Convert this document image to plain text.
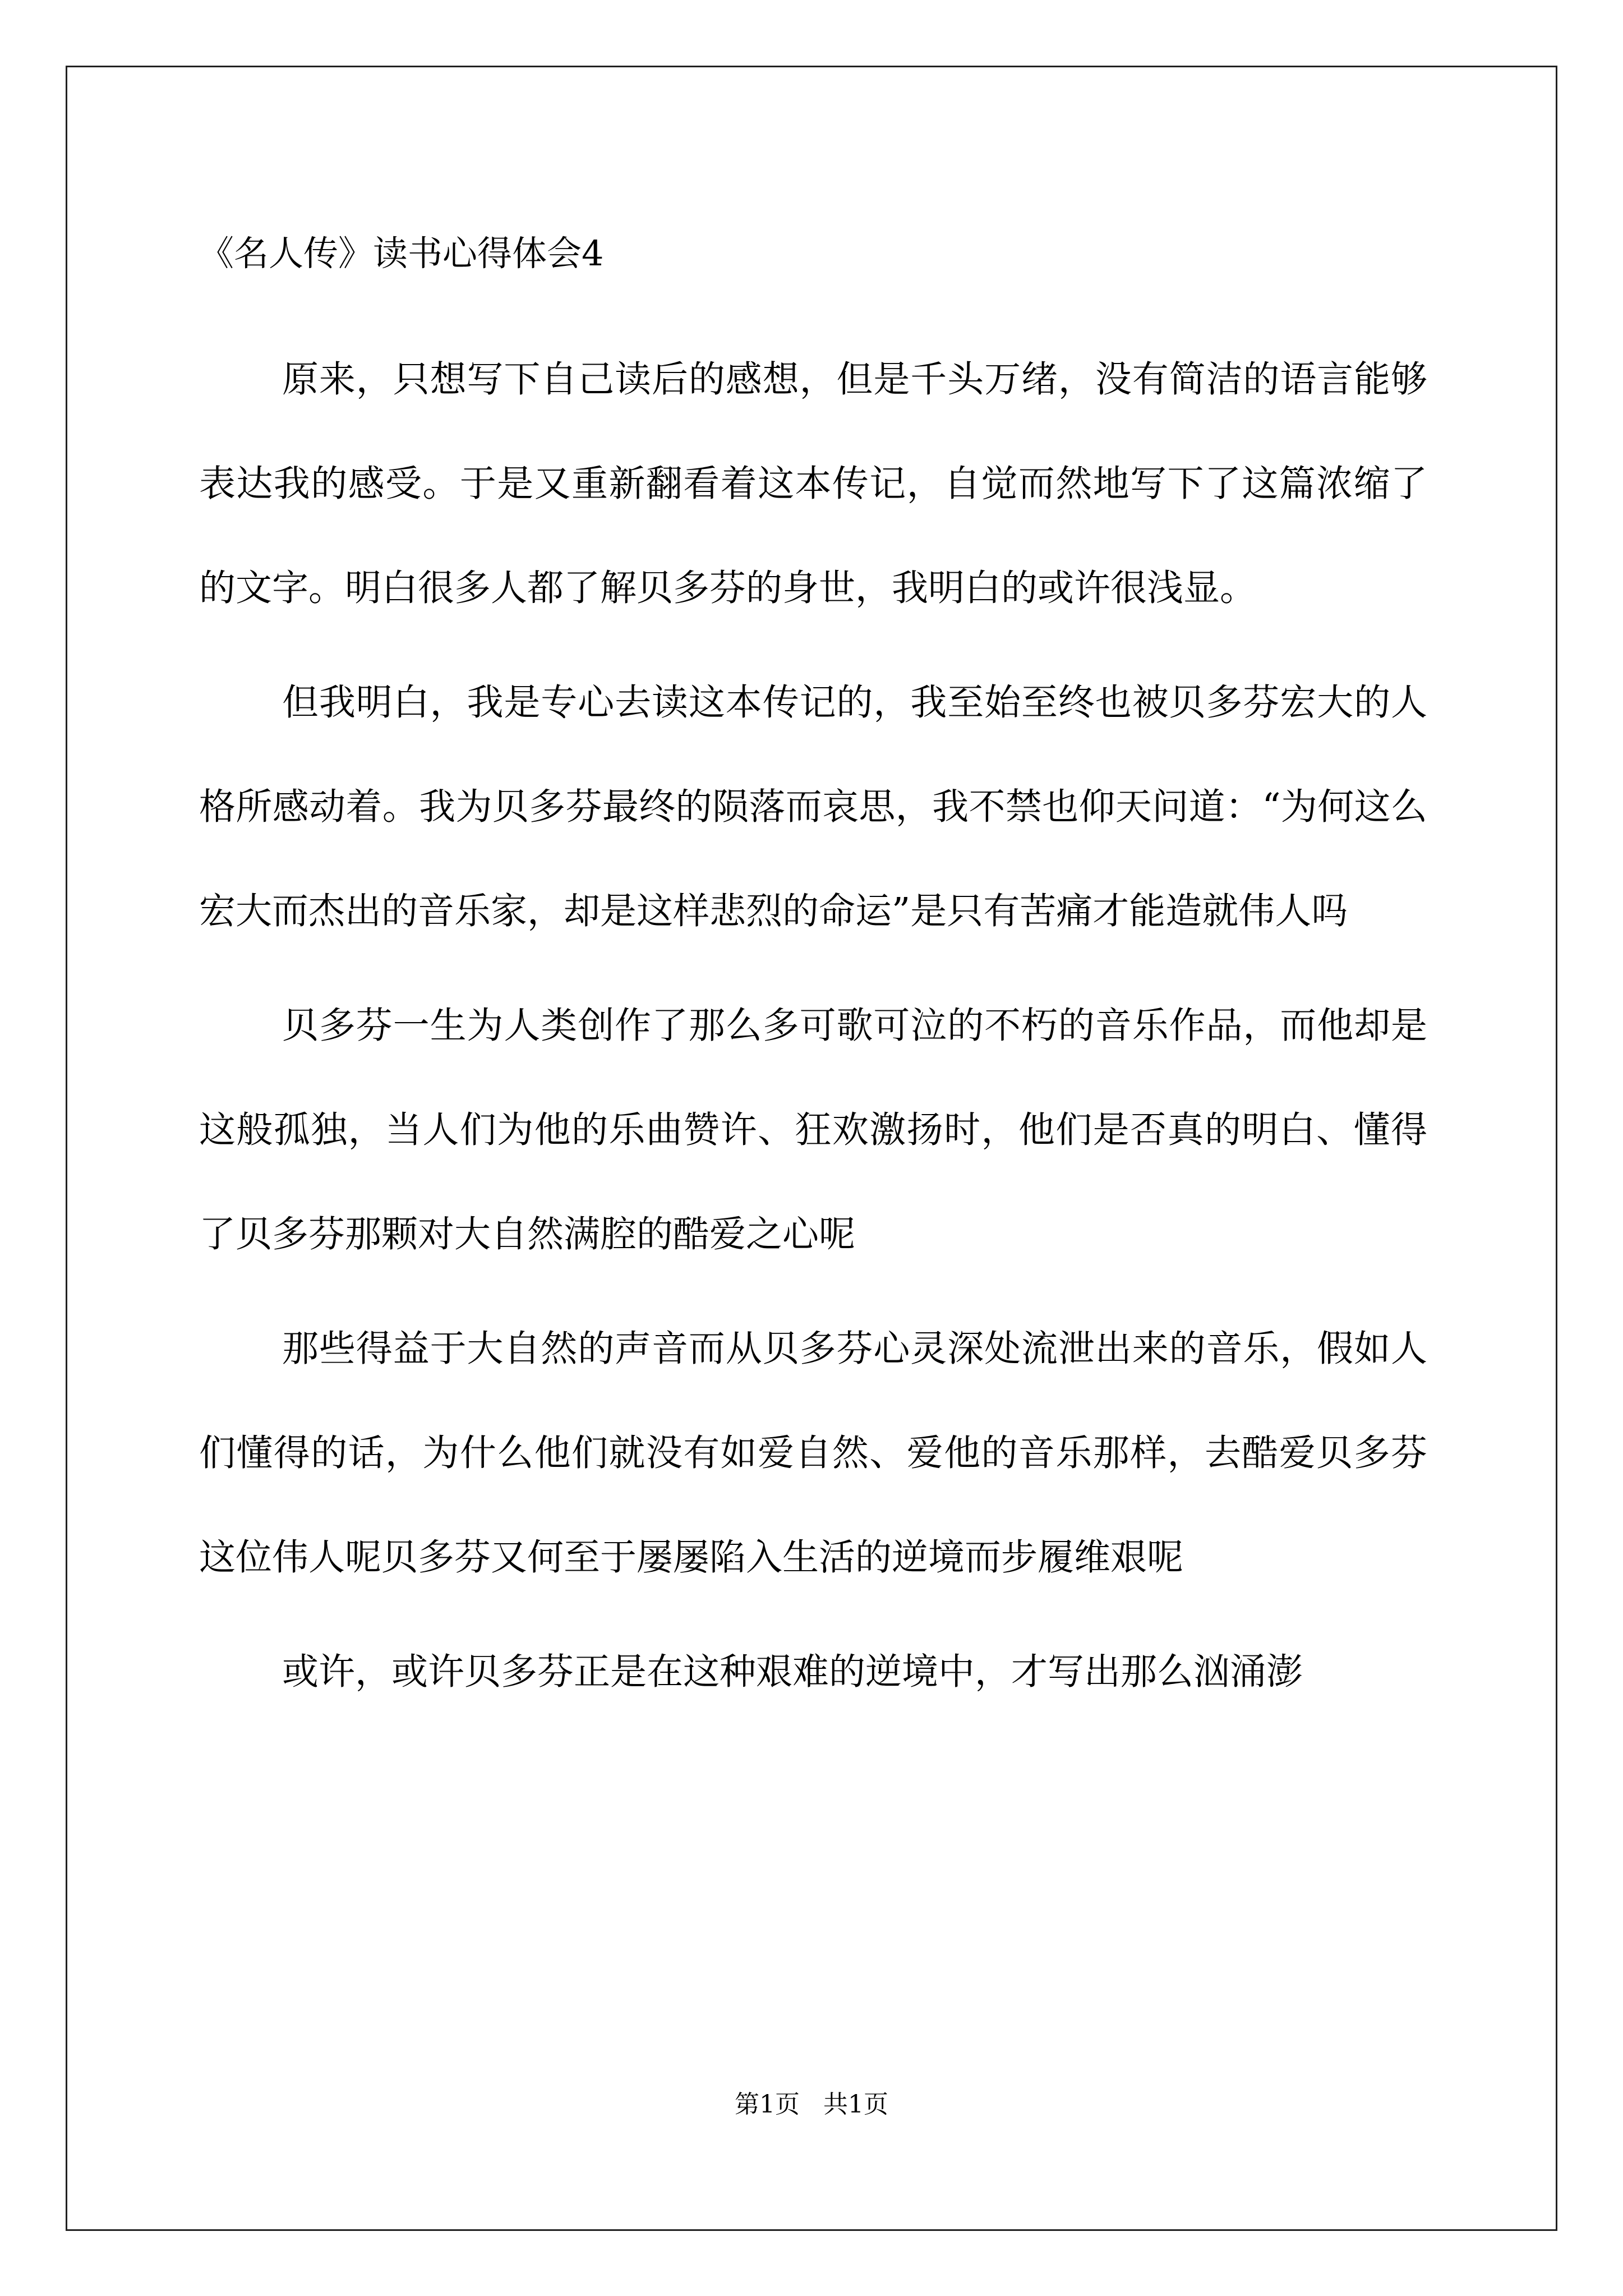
《名人传》读书心得体会4

原来，只想写下自己读后的感想，但是千头万绪，没有简洁的语言能够表达我的感受。于是又重新翻看着这本传记，自觉而然地写下了这篇浓缩了的文字。明白很多人都了解贝多芬的身世，我明白的或许很浅显。

但我明白，我是专心去读这本传记的，我至始至终也被贝多芬宏大的人格所感动着。我为贝多芬最终的陨落而哀思，我不禁也仰天问道：“为何这么宏大而杰出的音乐家，却是这样悲烈的命运”是只有苦痛才能造就伟人吗

贝多芬一生为人类创作了那么多可歌可泣的不朽的音乐作品，而他却是这般孤独，当人们为他的乐曲赞许、狂欢激扬时，他们是否真的明白、懂得了贝多芬那颗对大自然满腔的酷爱之心呢

那些得益于大自然的声音而从贝多芬心灵深处流泄出来的音乐，假如人们懂得的话，为什么他们就没有如爱自然、爱他的音乐那样，去酷爱贝多芬这位伟人呢贝多芬又何至于屡屡陷入生活的逆境而步履维艰呢

或许，或许贝多芬正是在这种艰难的逆境中，才写出那么汹涌澎

第1页   共1页
